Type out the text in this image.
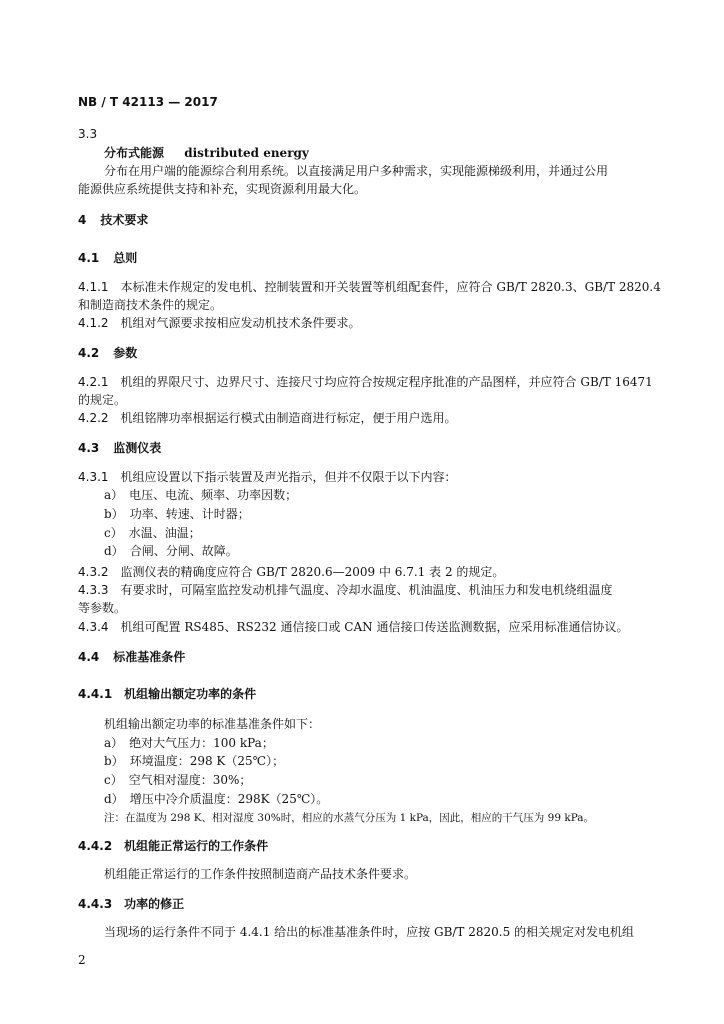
NB / T 42113 — 2017
3.3
分布式能源 distributed energy
分布在用户端的能源综合利用系统。以直接满足用户多种需求，实现能源梯级利用，并通过公用
能源供应系统提供支持和补充，实现资源利用最大化。
4 技术要求
4.1 总则
4.1.1 本标准未作规定的发电机、控制装置和开关装置等机组配套件，应符合 GB/T 2820.3、GB/T 2820.4
和制造商技术条件的规定。
4.1.2 机组对气源要求按相应发动机技术条件要求。
4.2 参数
4.2.1 机组的界限尺寸、边界尺寸、连接尺寸均应符合按规定程序批准的产品图样，并应符合 GB/T 16471
的规定。
4.2.2 机组铭牌功率根据运行模式由制造商进行标定，便于用户选用。
4.3 监测仪表
4.3.1 机组应设置以下指示装置及声光指示，但并不仅限于以下内容：
a） 电压、电流、频率、功率因数；
b） 功率、转速、计时器；
c） 水温、油温；
d） 合闸、分闸、故障。
4.3.2 监测仪表的精确度应符合 GB/T 2820.6—2009 中 6.7.1 表 2 的规定。
4.3.3 有要求时，可隔室监控发动机排气温度、冷却水温度、机油温度、机油压力和发电机绕组温度
等参数。
4.3.4 机组可配置 RS485、RS232 通信接口或 CAN 通信接口传送监测数据，应采用标准通信协议。
4.4 标准基准条件
4.4.1 机组输出额定功率的条件
机组输出额定功率的标准基准条件如下：
a） 绝对大气压力：100 kPa；
b） 环境温度：298 K（25℃）；
c） 空气相对湿度：30%；
d） 增压中冷介质温度：298K（25℃）。
注：在温度为 298 K、相对湿度 30%时，相应的水蒸气分压为 1 kPa，因此，相应的干气压为 99 kPa。
4.4.2 机组能正常运行的工作条件
机组能正常运行的工作条件按照制造商产品技术条件要求。
4.4.3 功率的修正
当现场的运行条件不同于 4.4.1 给出的标准基准条件时，应按 GB/T 2820.5 的相关规定对发电机组
2
